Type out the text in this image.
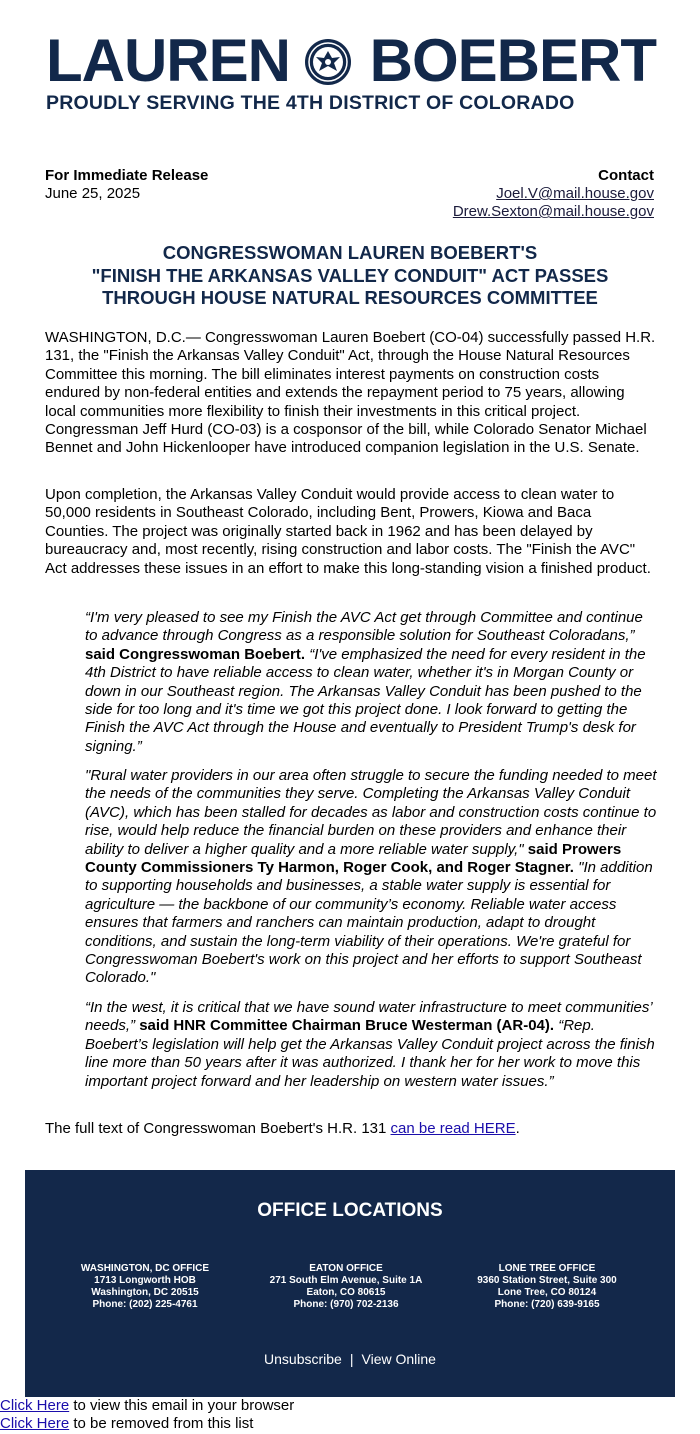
LAUREN BOEBERT
PROUDLY SERVING THE 4TH DISTRICT OF COLORADO
For Immediate Release
June 25, 2025
Contact
Joel.V@mail.house.gov
Drew.Sexton@mail.house.gov
CONGRESSWOMAN LAUREN BOEBERT'S
"FINISH THE ARKANSAS VALLEY CONDUIT" ACT PASSES
THROUGH HOUSE NATURAL RESOURCES COMMITTEE
WASHINGTON, D.C.— Congresswoman Lauren Boebert (CO-04) successfully passed H.R. 131, the "Finish the Arkansas Valley Conduit" Act, through the House Natural Resources Committee this morning. The bill eliminates interest payments on construction costs endured by non-federal entities and extends the repayment period to 75 years, allowing local communities more flexibility to finish their investments in this critical project. Congressman Jeff Hurd (CO-03) is a cosponsor of the bill, while Colorado Senator Michael Bennet and John Hickenlooper have introduced companion legislation in the U.S. Senate.
Upon completion, the Arkansas Valley Conduit would provide access to clean water to 50,000 residents in Southeast Colorado, including Bent, Prowers, Kiowa and Baca Counties. The project was originally started back in 1962 and has been delayed by bureaucracy and, most recently, rising construction and labor costs. The "Finish the AVC" Act addresses these issues in an effort to make this long-standing vision a finished product.
“I'm very pleased to see my Finish the AVC Act get through Committee and continue to advance through Congress as a responsible solution for Southeast Coloradans,” said Congresswoman Boebert. “I've emphasized the need for every resident in the 4th District to have reliable access to clean water, whether it's in Morgan County or down in our Southeast region. The Arkansas Valley Conduit has been pushed to the side for too long and it's time we got this project done. I look forward to getting the Finish the AVC Act through the House and eventually to President Trump's desk for signing.”
"Rural water providers in our area often struggle to secure the funding needed to meet the needs of the communities they serve. Completing the Arkansas Valley Conduit (AVC), which has been stalled for decades as labor and construction costs continue to rise, would help reduce the financial burden on these providers and enhance their ability to deliver a higher quality and a more reliable water supply," said Prowers County Commissioners Ty Harmon, Roger Cook, and Roger Stagner. "In addition to supporting households and businesses, a stable water supply is essential for agriculture — the backbone of our community’s economy. Reliable water access ensures that farmers and ranchers can maintain production, adapt to drought conditions, and sustain the long-term viability of their operations. We're grateful for Congresswoman Boebert's work on this project and her efforts to support Southeast Colorado."
“In the west, it is critical that we have sound water infrastructure to meet communities’ needs,” said HNR Committee Chairman Bruce Westerman (AR-04). “Rep. Boebert’s legislation will help get the Arkansas Valley Conduit project across the finish line more than 50 years after it was authorized. I thank her for her work to move this important project forward and her leadership on western water issues.”
The full text of Congresswoman Boebert's H.R. 131 can be read HERE.
OFFICE LOCATIONS
WASHINGTON, DC OFFICE
1713 Longworth HOB
Washington, DC 20515
Phone: (202) 225-4761
EATON OFFICE
271 South Elm Avenue, Suite 1A
Eaton, CO 80615
Phone: (970) 702-2136
LONE TREE OFFICE
9360 Station Street, Suite 300
Lone Tree, CO 80124
Phone: (720) 639-9165
Unsubscribe | View Online
Click Here to view this email in your browser
Click Here to be removed from this list
